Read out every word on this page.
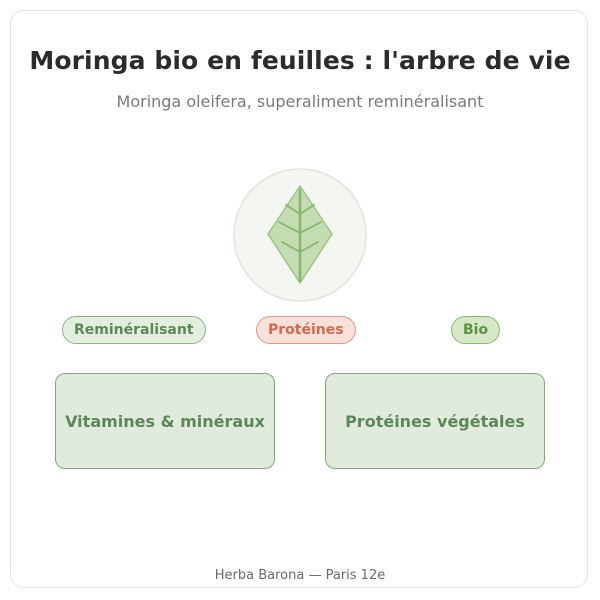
Moringa bio en feuilles : l'arbre de vie
Moringa oleifera, superaliment reminéralisant
Reminéralisant	Protéines	Bio
Vitamines & minéraux	Protéines végétales
Herba Barona — Paris 12e
